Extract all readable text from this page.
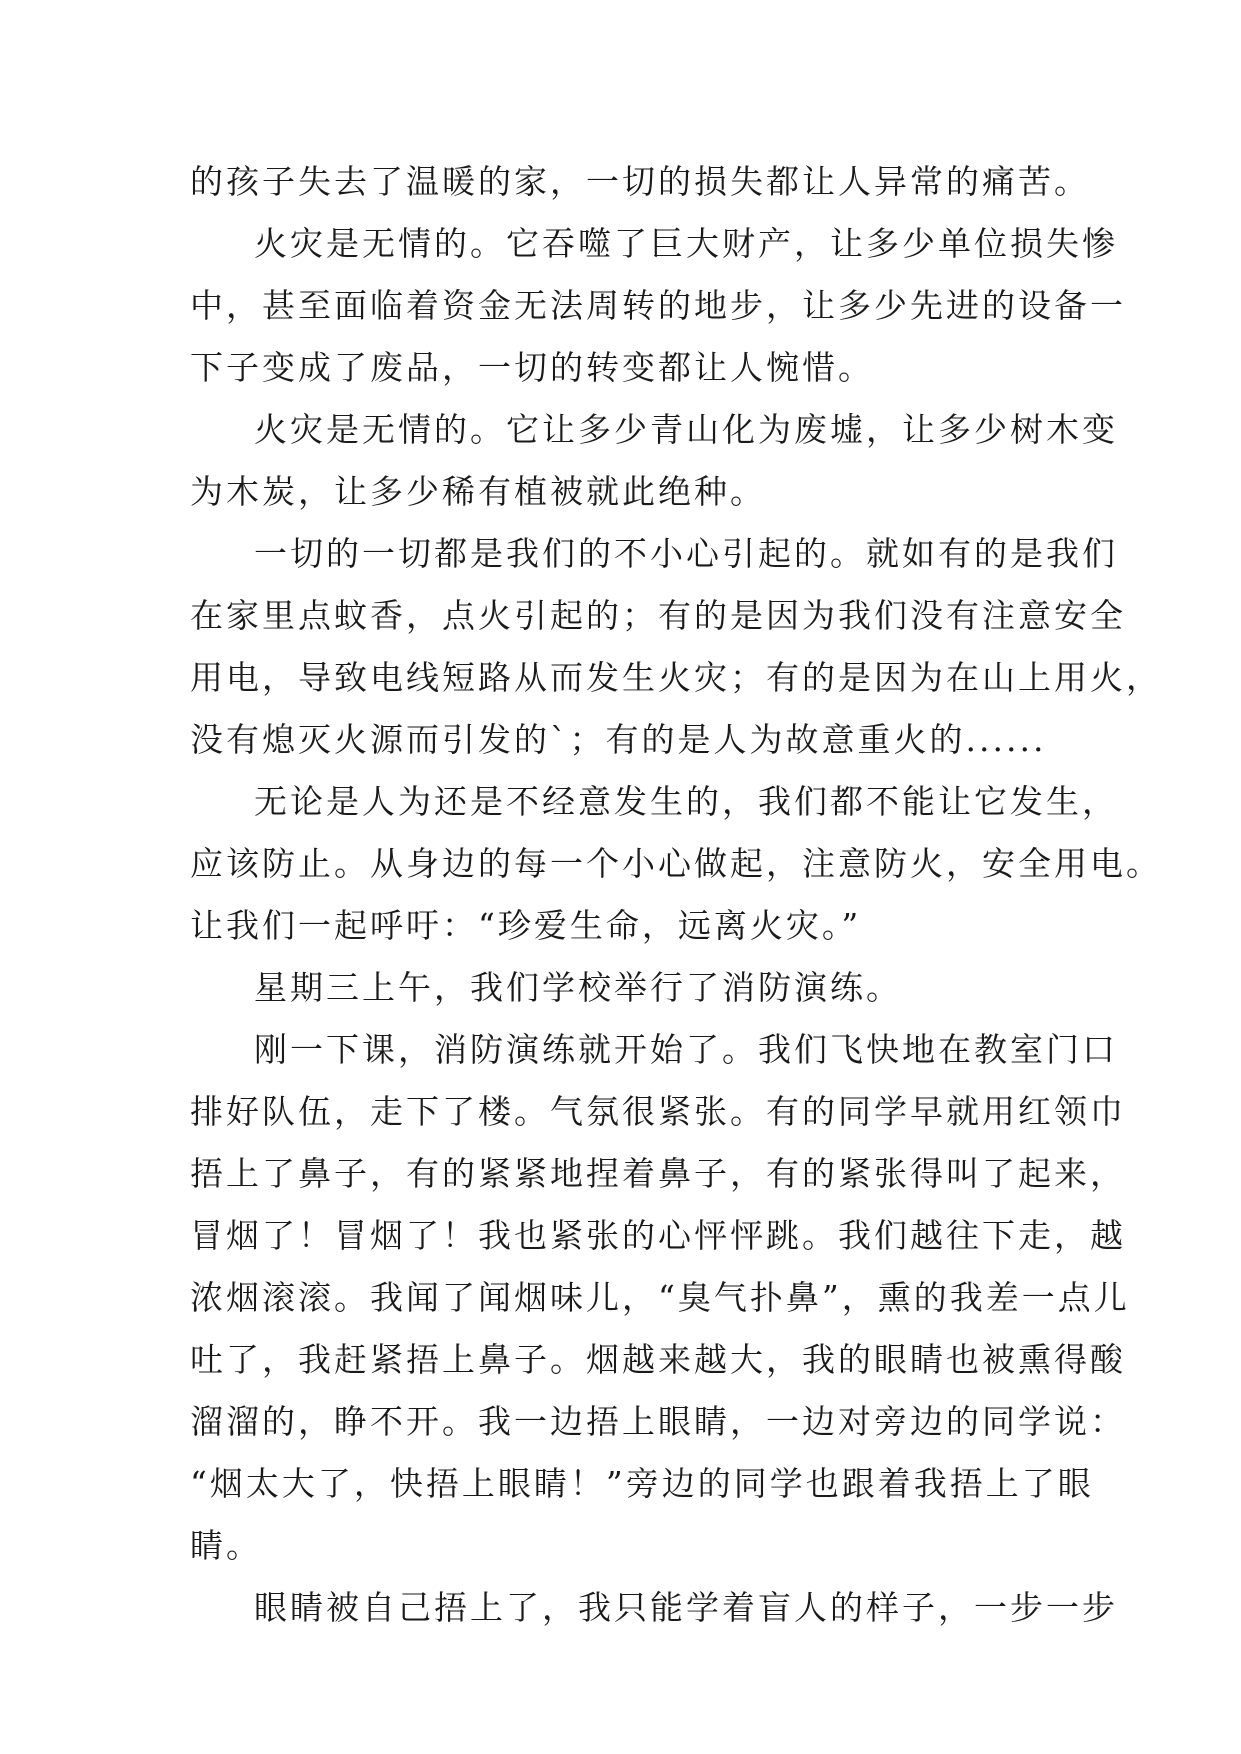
的孩子失去了温暖的家，一切的损失都让人异常的痛苦。
火灾是无情的。它吞噬了巨大财产，让多少单位损失惨
中，甚至面临着资金无法周转的地步，让多少先进的设备一
下子变成了废品，一切的转变都让人惋惜。
火灾是无情的。它让多少青山化为废墟，让多少树木变
为木炭，让多少稀有植被就此绝种。
一切的一切都是我们的不小心引起的。就如有的是我们
在家里点蚊香，点火引起的；有的是因为我们没有注意安全
用电，导致电线短路从而发生火灾；有的是因为在山上用火，
没有熄灭火源而引发的`；有的是人为故意重火的......
无论是人为还是不经意发生的，我们都不能让它发生，
应该防止。从身边的每一个小心做起，注意防火，安全用电。
让我们一起呼吁：“珍爱生命，远离火灾。”
星期三上午，我们学校举行了消防演练。
刚一下课，消防演练就开始了。我们飞快地在教室门口
排好队伍，走下了楼。气氛很紧张。有的同学早就用红领巾
捂上了鼻子，有的紧紧地捏着鼻子，有的紧张得叫了起来，
冒烟了！冒烟了！我也紧张的心怦怦跳。我们越往下走，越
浓烟滚滚。我闻了闻烟味儿，“臭气扑鼻”，熏的我差一点儿
吐了，我赶紧捂上鼻子。烟越来越大，我的眼睛也被熏得酸
溜溜的，睁不开。我一边捂上眼睛，一边对旁边的同学说：
“烟太大了，快捂上眼睛！”旁边的同学也跟着我捂上了眼
睛。
眼睛被自己捂上了，我只能学着盲人的样子，一步一步
